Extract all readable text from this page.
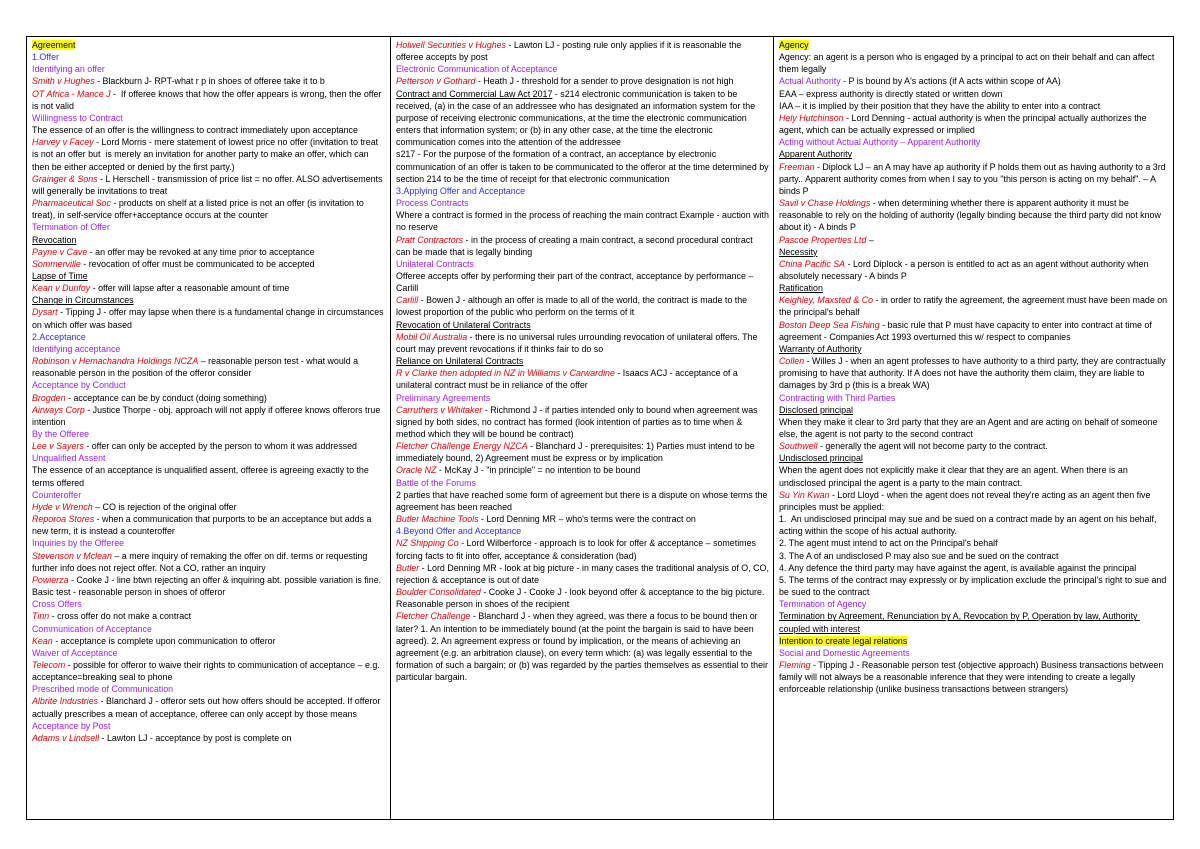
Agreement
1.Offer
Identifying an offer
Smith v Hughes - Blackburn J- RPT-what r p in shoes of offeree take it to b
OT Africa - Mance J -  If offeree knows that how the offer appears is wrong, then the offer is not valid
Willingness to Contract
The essence of an offer is the willingness to contract immediately upon acceptance
Harvey v Facey - Lord Morris - mere statement of lowest price no offer (invitation to treat is not an offer but  is merely an invitation for another party to make an offer, which can then be either accepted or denied by the first party.)
Grainger & Sons - L Herschell - transmission of price list = no offer. ALSO advertisements will generally be invitations to treat
Pharmaceutical Soc - products on shelf at a listed price is not an offer (is invitation to treat), in self-service offer+acceptance occurs at the counter
Termination of Offer
Revocation
Payne v Cave - an offer may be revoked at any time prior to acceptance
Sommerville - revocation of offer must be communicated to be accepted
Lapse of Time
Kean v Dunfoy - offer will lapse after a reasonable amount of time
Change in Circumstances
Dysart - Tipping J - offer may lapse when there is a fundamental change in circumstances on which offer was based
2.Acceptance
Identifying acceptance
Robinson v Hemachandra Holdings NCZA – reasonable person test - what would a reasonable person in the position of the offeror consider
Acceptance by Conduct
Brogden - acceptance can be by conduct (doing something)
Airways Corp - Justice Thorpe - obj. approach will not apply if offeree knows offerors true intention
By the Offeree
Lee v Sayers - offer can only be accepted by the person to whom it was addressed
Unqualified Assent
The essence of an acceptance is unqualified assent, offeree is agreeing exactly to the terms offered
Counteroffer
Hyde v Wrench – CO is rejection of the original offer
Reporoa Stores - when a communication that purports to be an acceptance but adds a new term, it is instead a counteroffer
Inquiries by the Offeree
Stevenson v Mclean – a mere inquiry of remaking the offer on dif. terms or requesting further info does not reject offer. Not a CO, rather an inquiry
Powierza - Cooke J - line btwn rejecting an offer & inquiring abt. possible variation is fine. Basic test - reasonable person in shoes of offeror
Cross Offers
Tinn - cross offer do not make a contract
Communication of Acceptance
Kean - acceptance is complete upon communication to offeror
Waiver of Acceptance
Telecom - possible for offeror to waive their rights to communication of acceptance – e.g. acceptance=breaking seal to phone
Prescribed mode of Communication
Albrite Industries - Blanchard J - offeror sets out how offers should be accepted. If offeror actually prescribes a mean of acceptance, offeree can only accept by those means
Acceptance by Post
Adams v Lindsell - Lawton LJ - acceptance by post is complete on
Holwell Securities v Hughes - Lawton LJ - posting rule only applies if it is reasonable the offeree accepts by post
Electronic Communication of Acceptance
Petterson v Gothard - Heath J - threshold for a sender to prove designation is not high
Contract and Commercial Law Act 2017 - s214 electronic communication is taken to be received, (a) in the case of an addressee who has designated an information system for the purpose of receiving electronic communications, at the time the electronic communication enters that information system; or (b) in any other case, at the time the electronic communication comes into the attention of the addressee
s217 - For the purpose of the formation of a contract, an acceptance by electronic communication of an offer is taken to be communicated to the offeror at the time determined by section 214 to be the time of receipt for that electronic communication
3.Applying Offer and Acceptance
Process Contracts
Where a contract is formed in the process of reaching the main contract Example - auction with no reserve
Pratt Contractors - in the process of creating a main contract, a second procedural contract can be made that is legally binding
Unilateral Contracts
Offeree accepts offer by performing their part of the contract, acceptance by performance – Carlill
Carlill - Bowen J - although an offer is made to all of the world, the contract is made to the lowest proportion of the public who perform on the terms of it
Revocation of Unilateral Contracts
Mobil Oil Australia - there is no universal rules urrounding revocation of unilateral offers. The court may prevent revocations if it thinks fair to do so
Reliance on Unilateral Contracts
R v Clarke then adopted in NZ in Williams v Carwardine - Isaacs ACJ - acceptance of a unilateral contract must be in reliance of the offer
Preliminary Agreements
Carruthers v Whitaker - Richmond J - if parties intended only to bound when agreement was signed by both sides, no contract has formed (look intention of parties as to time when & method which they will be bound be contract)
Fletcher Challenge Energy NZCA - Blanchard J - prerequisites: 1) Parties must intend to be immediately bound, 2) Agreement must be express or by implication
Oracle NZ - McKay J - "in principle" = no intention to be bound
Battle of the Forums
2 parties that have reached some form of agreement but there is a dispute on whose terms the agreement has been reached
Butler Machine Tools - Lord Denning MR – who's terms were the contract on
4.Beyond Offer and Acceptance
NZ Shipping Co - Lord Wilberforce - approach is to look for offer & acceptance – sometimes forcing facts to fit into offer, acceptance & consideration (bad)
Butler - Lord Denning MR - look at big picture - in many cases the traditional analysis of O, CO, rejection & acceptance is out of date
Boulder Consolidated - Cooke J - Cooke J - look beyond offer & acceptance to the big picture. Reasonable person in shoes of the recipient
Fletcher Challenge - Blanchard J - when they agreed, was there a focus to be bound then or later? 1. An intention to be immediately bound (at the point the bargain is said to have been agreed). 2. An agreement express or found by implication, or the means of achieving an agreement (e.g. an arbitration clause), on every term which: (a) was legally essential to the formation of such a bargain; or (b) was regarded by the parties themselves as essential to their particular bargain.
Agency
Agency: an agent is a person who is engaged by a principal to act on their behalf and can affect them legally
Actual Authority - P is bound by A's actions (if A acts within scope of AA)
EAA – express authority is directly stated or written down
IAA – it is implied by their position that they have the ability to enter into a contract
Hely Hutchinson - Lord Denning - actual authority is when the principal actually authorizes the agent, which can be actually expressed or implied
Acting without Actual Authority – Apparent Authority
Apparent Authority
Freeman - Diplock LJ – an A may have ap authority if P holds them out as having authority to a 3rd party.. Apparent authority comes from when I say to you "this person is acting on my behalf". – A binds P
Savil v Chase Holdings - when determining whether there is apparent authority it must be reasonable to rely on the holding of authority (legally binding because the third party did not know about it) - A binds P
Pascoe Properties Ltd –
Necessity
China Pacific SA - Lord Diplock - a person is entitled to act as an agent without authority when absolutely necessary - A binds P
Ratification
Keighley, Maxsted & Co - in order to ratify the agreement, the agreement must have been made on the principal's behalf
Boston Deep Sea Fishing - basic rule that P must have capacity to enter into contract at time of agreement - Companies Act 1993 overturned this w/ respect to companies
Warranty of Authority
Collen - Willes J - when an agent professes to have authority to a third party, they are contractually promising to have that authority. If A does not have the authority them claim, they are liable to damages by 3rd p (this is a break WA)
Contracting with Third Parties
Disclosed principal
When they make it clear to 3rd party that they are an Agent and are acting on behalf of someone else, the agent is not party to the second contract
Southwell - generally the agent will not become party to the contract.
Undisclosed principal
When the agent does not explicitly make it clear that they are an agent. When there is an undisclosed principal the agent is a party to the main contract.
Su Yin Kwan - Lord Lloyd - when the agent does not reveal they're acting as an agent then five principles must be applied:
1.  An undisclosed principal may sue and be sued on a contract made by an agent on his behalf, acting within the scope of his actual authority.
2. The agent must intend to act on the Principal's behalf
3. The A of an undisclosed P may also sue and be sued on the contract
4. Any defence the third party may have against the agent, is available against the principal
5. The terms of the contract may expressly or by implication exclude the principal's right to sue and be sued to the contract
Termination of Agency
Termination by Agreement, Renunciation by A, Revocation by P, Operation by law, Authority coupled with interest
Intention to create legal relations
Social and Domestic Agreements
Fleming - Tipping J - Reasonable person test (objective approach) Business transactions between family will not always be a reasonable inference that they were intending to create a legally enforceable relationship (unlike business transactions between strangers)
